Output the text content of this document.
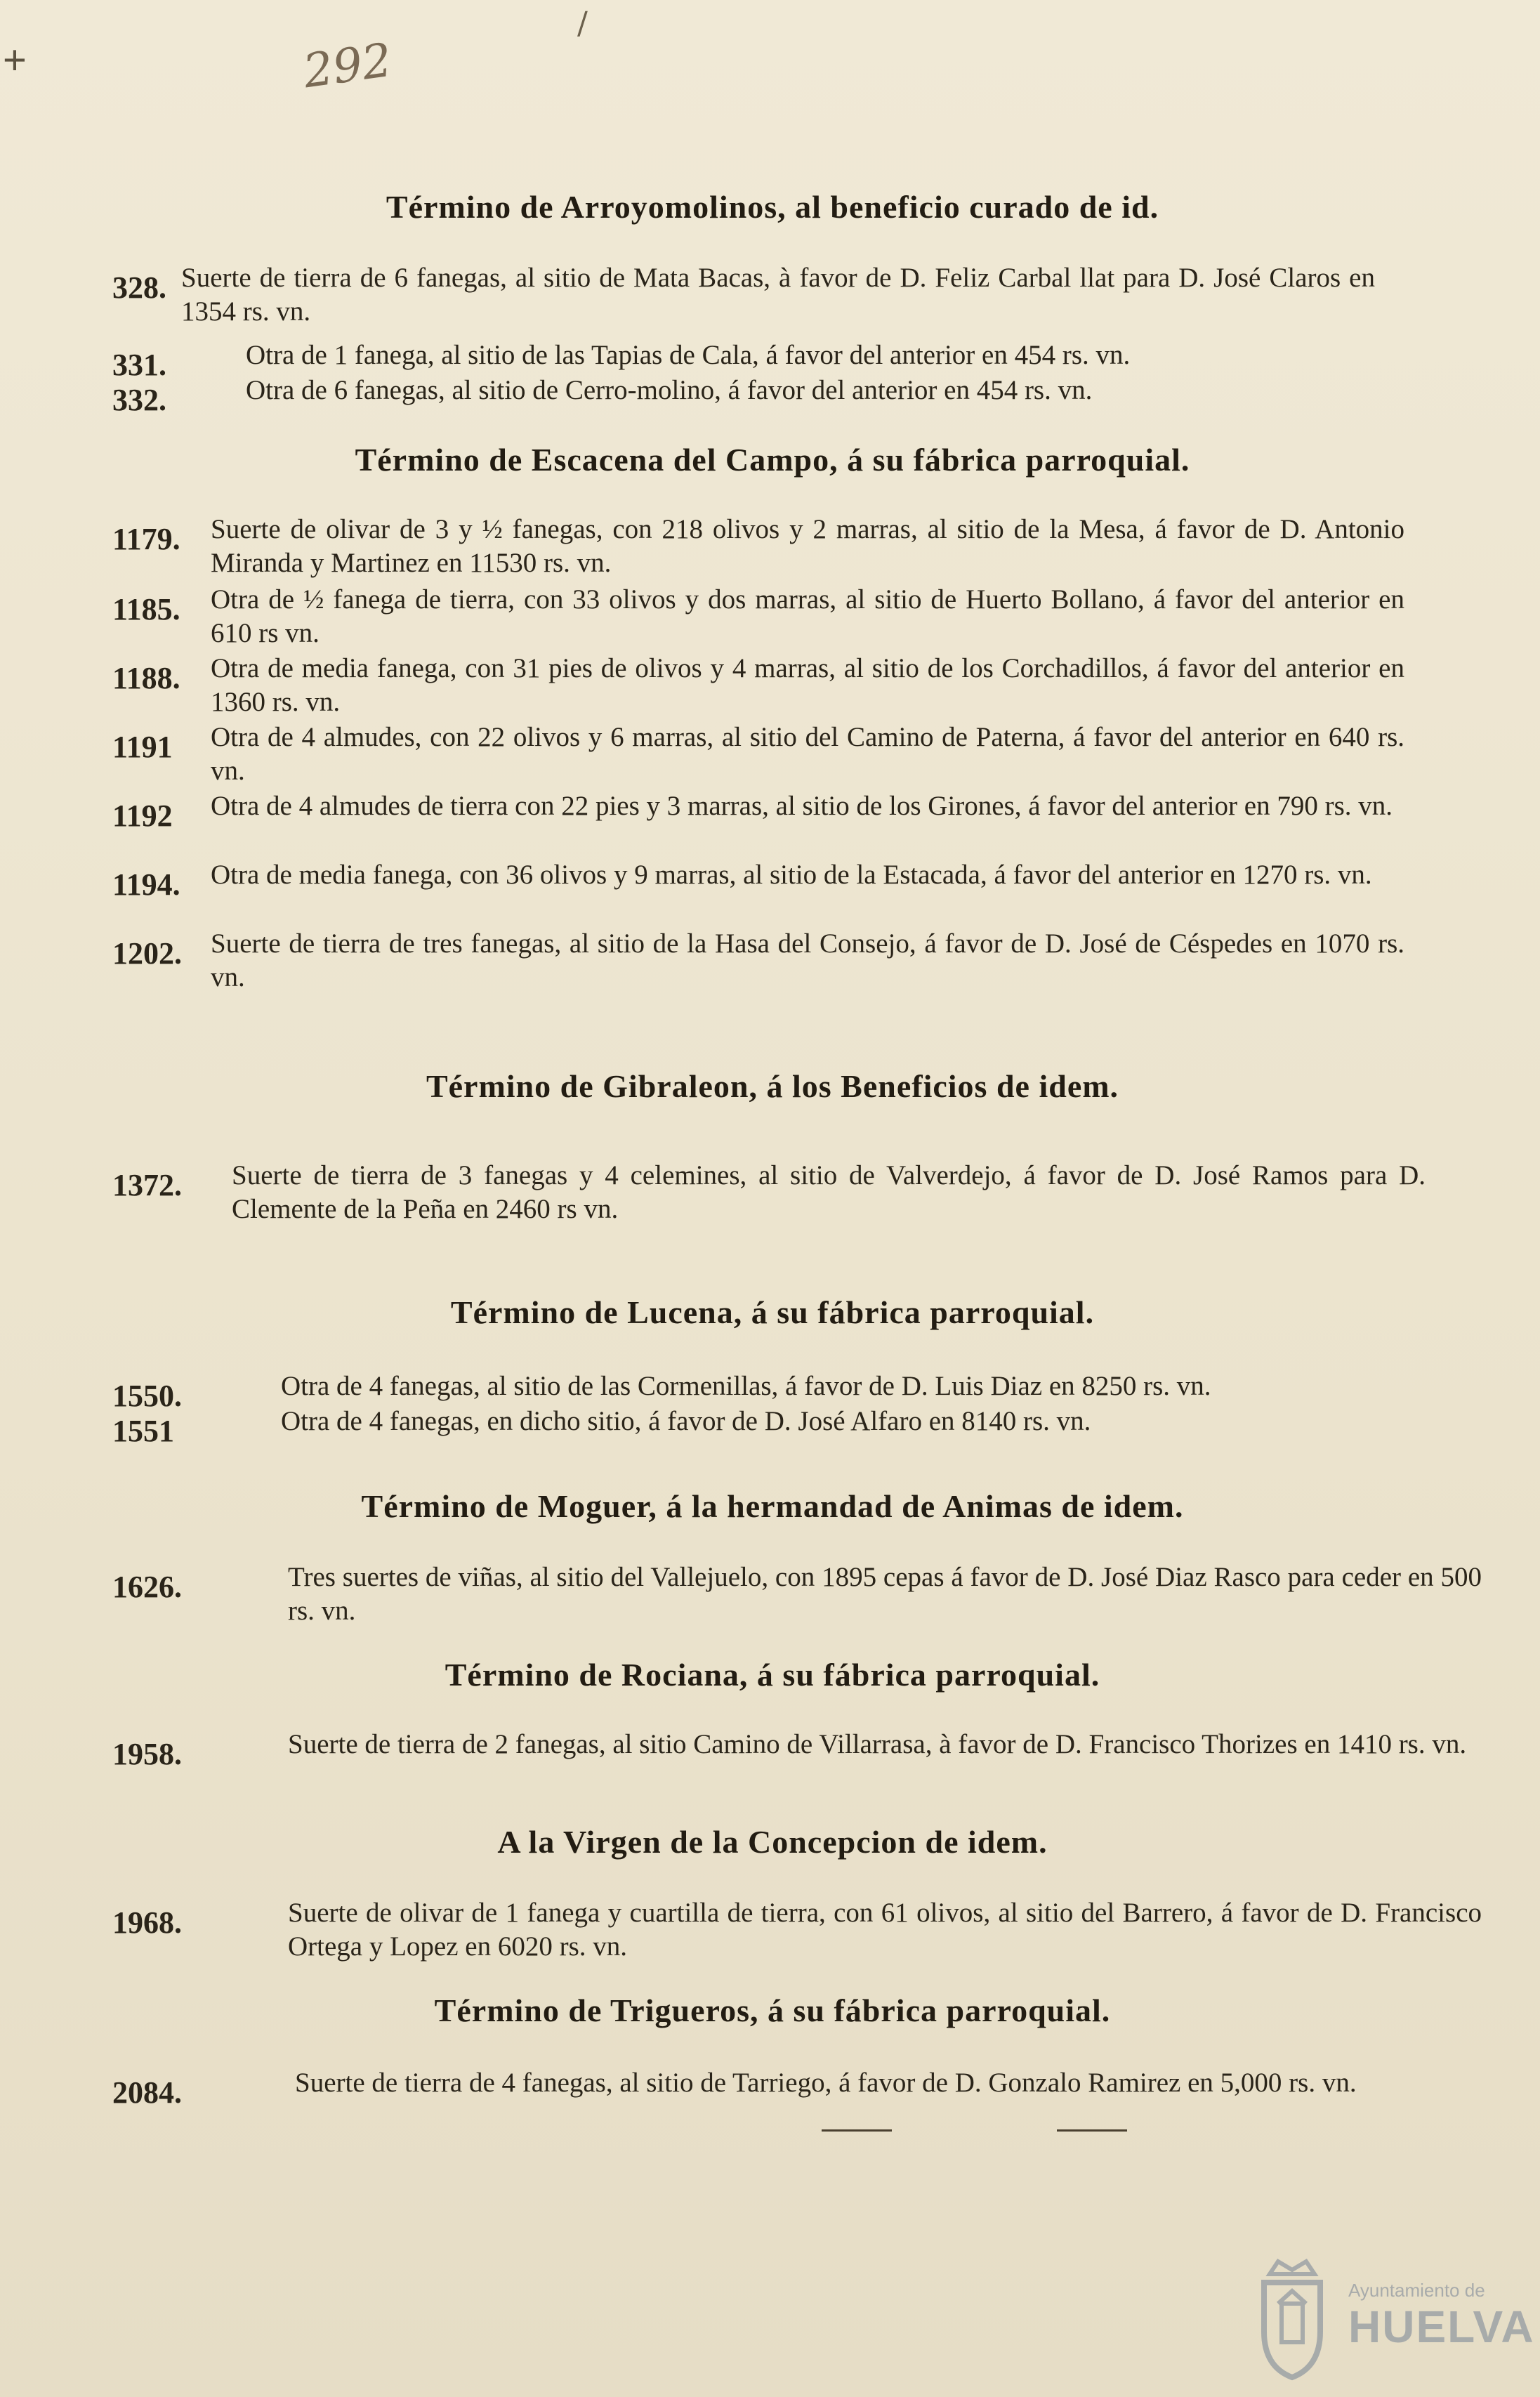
+
/
292
Término de Arroyomolinos, al beneficio curado de id.
328. Suerte de tierra de 6 fanegas, al sitio de Mata Bacas, à favor de D. Feliz Carbal llat para D. José Claros en 1354 rs. vn.
331.	Otra de 1 fanega, al sitio de las Tapias de Cala, á favor del anterior en 454 rs. vn.
332.	Otra de 6 fanegas, al sitio de Cerro-molino, á favor del anterior en 454 rs. vn.
Término de Escacena del Campo, á su fábrica parroquial.
1179. Suerte de olivar de 3 y ½ fanegas, con 218 olivos y 2 marras, al sitio de la Mesa, á favor de D. Antonio Miranda y Martinez en 11530 rs. vn.
1185. Otra de ½ fanega de tierra, con 33 olivos y dos marras, al sitio de Huerto Bollano, á favor del anterior en 610 rs vn.
1188. Otra de media fanega, con 31 pies de olivos y 4 marras, al sitio de los Corchadillos, á favor del anterior en 1360 rs. vn.
1191 Otra de 4 almudes, con 22 olivos y 6 marras, al sitio del Camino de Paterna, á favor del anterior en 640 rs. vn.
1192 Otra de 4 almudes de tierra con 22 pies y 3 marras, al sitio de los Girones, á favor del anterior en 790 rs. vn.
1194. Otra de media fanega, con 36 olivos y 9 marras, al sitio de la Estacada, á favor del anterior en 1270 rs. vn.
1202. Suerte de tierra de tres fanegas, al sitio de la Hasa del Consejo, á favor de D. José de Céspedes en 1070 rs. vn.
Término de Gibraleon, á los Beneficios de idem.
1372. Suerte de tierra de 3 fanegas y 4 celemines, al sitio de Valverdejo, á favor de D. José Ramos para D. Clemente de la Peña en 2460 rs vn.
Término de Lucena, á su fábrica parroquial.
1550.	Otra de 4 fanegas, al sitio de las Cormenillas, á favor de D. Luis Diaz en 8250 rs. vn.
1551	Otra de 4 fanegas, en dicho sitio, á favor de D. José Alfaro en 8140 rs. vn.
Término de Moguer, á la hermandad de Animas de idem.
1626.	Tres suertes de viñas, al sitio del Vallejuelo, con 1895 cepas á favor de D. José Diaz Rasco para ceder en 500 rs. vn.
Término de Rociana, á su fábrica parroquial.
1958.	Suerte de tierra de 2 fanegas, al sitio Camino de Villarrasa, à favor de D. Francisco Thorizes en 1410 rs. vn.
A la Virgen de la Concepcion de idem.
1968.	Suerte de olivar de 1 fanega y cuartilla de tierra, con 61 olivos, al sitio del Barrero, á favor de D. Francisco Ortega y Lopez en 6020 rs. vn.
Término de Trigueros, á su fábrica parroquial.
2084.	Suerte de tierra de 4 fanegas, al sitio de Tarriego, á favor de D. Gonzalo Ramirez en 5,000 rs. vn.
Ayuntamiento de
HUELVA
